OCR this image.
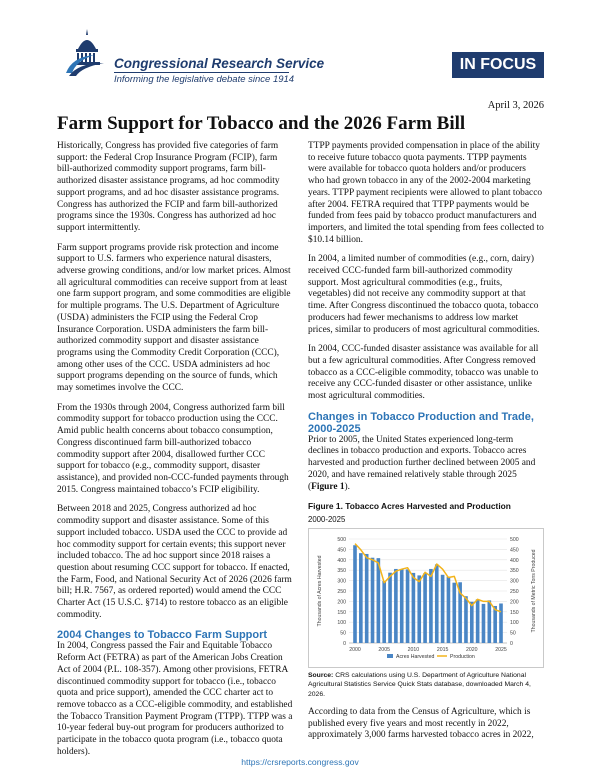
Congressional Research Service
Informing the legislative debate since 1914
IN FOCUS
April 3, 2026
Farm Support for Tobacco and the 2026 Farm Bill

Historically, Congress has provided five categories of farm support: the Federal Crop Insurance Program (FCIP), farm bill-authorized commodity support programs, farm bill-authorized disaster assistance programs, ad hoc commodity support programs, and ad hoc disaster assistance programs. Congress has authorized the FCIP and farm bill-authorized programs since the 1930s. Congress has authorized ad hoc support intermittently.

Farm support programs provide risk protection and income support to U.S. farmers who experience natural disasters, adverse growing conditions, and/or low market prices. Almost all agricultural commodities can receive support from at least one farm support program, and some commodities are eligible for multiple programs. The U.S. Department of Agriculture (USDA) administers the FCIP using the Federal Crop Insurance Corporation. USDA administers the farm bill-authorized commodity support and disaster assistance programs using the Commodity Credit Corporation (CCC), among other uses of the CCC. USDA administers ad hoc support programs depending on the source of funds, which may sometimes involve the CCC.

From the 1930s through 2004, Congress authorized farm bill commodity support for tobacco production using the CCC. Amid public health concerns about tobacco consumption, Congress discontinued farm bill-authorized tobacco commodity support after 2004, disallowed further CCC support for tobacco (e.g., commodity support, disaster assistance), and provided non-CCC-funded payments through 2015. Congress maintained tobacco’s FCIP eligibility.

Between 2018 and 2025, Congress authorized ad hoc commodity support and disaster assistance. Some of this support included tobacco. USDA used the CCC to provide ad hoc commodity support for certain events; this support never included tobacco. The ad hoc support since 2018 raises a question about resuming CCC support for tobacco. If enacted, the Farm, Food, and National Security Act of 2026 (2026 farm bill; H.R. 7567, as ordered reported) would amend the CCC Charter Act (15 U.S.C. §714) to restore tobacco as an eligible commodity.

2004 Changes to Tobacco Farm Support

In 2004, Congress passed the Fair and Equitable Tobacco Reform Act (FETRA) as part of the American Jobs Creation Act of 2004 (P.L. 108-357). Among other provisions, FETRA discontinued commodity support for tobacco (i.e., tobacco quota and price support), amended the CCC charter act to remove tobacco as a CCC-eligible commodity, and established the Tobacco Transition Payment Program (TTPP). TTPP was a 10-year federal buy-out program for producers authorized to participate in the tobacco quota program (i.e., tobacco quota holders).

TTPP payments provided compensation in place of the ability to receive future tobacco quota payments. TTPP payments were available for tobacco quota holders and/or producers who had grown tobacco in any of the 2002-2004 marketing years. TTPP payment recipients were allowed to plant tobacco after 2004. FETRA required that TTPP payments would be funded from fees paid by tobacco product manufacturers and importers, and limited the total spending from fees collected to $10.14 billion.

In 2004, a limited number of commodities (e.g., corn, dairy) received CCC-funded farm bill-authorized commodity support. Most agricultural commodities (e.g., fruits, vegetables) did not receive any commodity support at that time. After Congress discontinued the tobacco quota, tobacco producers had fewer mechanisms to address low market prices, similar to producers of most agricultural commodities.

In 2004, CCC-funded disaster assistance was available for all but a few agricultural commodities. After Congress removed tobacco as a CCC-eligible commodity, tobacco was unable to receive any CCC-funded disaster or other assistance, unlike most agricultural commodities.

Changes in Tobacco Production and Trade, 2000-2025

Prior to 2005, the United States experienced long-term declines in tobacco production and exports. Tobacco acres harvested and production further declined between 2005 and 2020, and have remained relatively stable through 2025 (Figure 1).

Figure 1. Tobacco Acres Harvested and Production
2000-2025
0	0
50	50
100	100
150	150
200	200
250	250
300	300
350	350
400	400
450	450
500	500
2000	2005	2010	2015	2020	2025
Thousands of Acres Harvested	Thousands of Metric Tons Produced
Acres Harvested	Production
Source: CRS calculations using U.S. Department of Agriculture National Agricultural Statistics Service Quick Stats database, downloaded March 4, 2026.

According to data from the Census of Agriculture, which is published every five years and most recently in 2022, approximately 3,000 farms harvested tobacco acres in 2022,

https://crsreports.congress.gov
